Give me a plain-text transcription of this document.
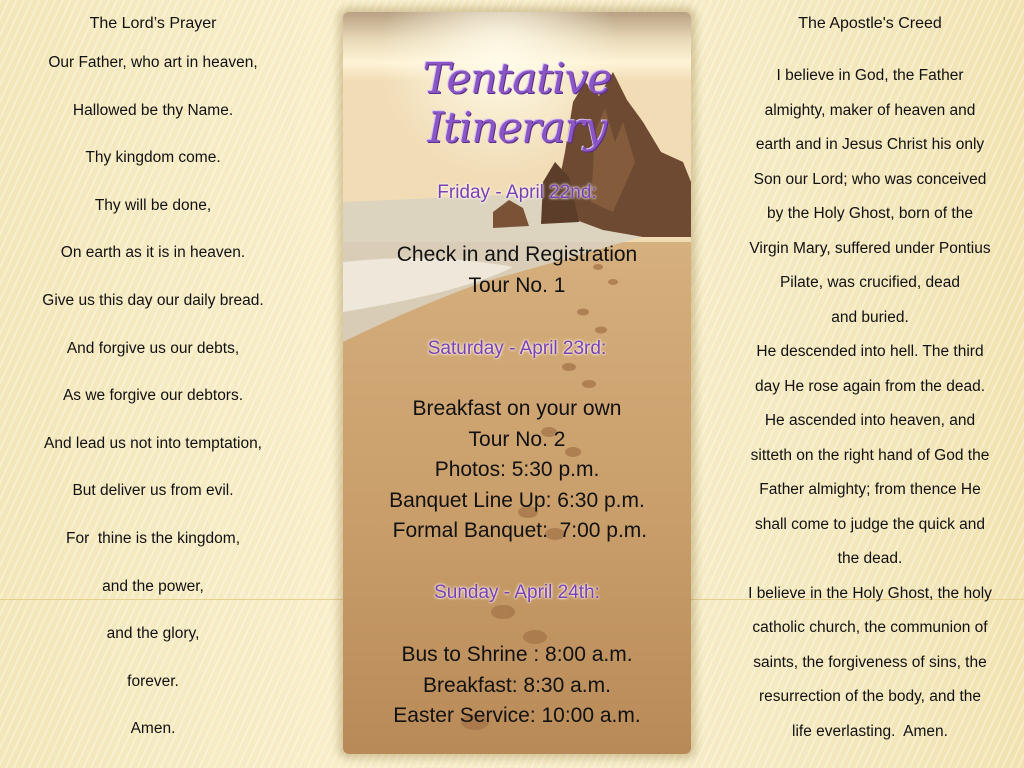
The Lord’s Prayer
Our Father, who art in heaven,
Hallowed be thy Name.
Thy kingdom come.
Thy will be done,
On earth as it is in heaven.
Give us this day our daily bread.
And forgive us our debts,
As we forgive our debtors.
And lead us not into temptation,
But deliver us from evil.
For  thine is the kingdom,
and the power,
and the glory,
forever.
Amen.
Tentative Itinerary
Friday - April 22nd:
Check in and Registration
Tour No. 1
Saturday - April 23rd:
Breakfast on your own
Tour No. 2
Photos: 5:30 p.m.
Banquet Line Up: 6:30 p.m.
Formal Banquet:  7:00 p.m.
Sunday - April 24th:
Bus to Shrine : 8:00 a.m.
Breakfast: 8:30 a.m.
Easter Service: 10:00 a.m.
The Apostle's Creed
I believe in God, the Father
almighty, maker of heaven and
earth and in Jesus Christ his only
Son our Lord; who was conceived
by the Holy Ghost, born of the
Virgin Mary, suffered under Pontius
Pilate, was crucified, dead
and buried.
He descended into hell. The third
day He rose again from the dead.
He ascended into heaven, and
sitteth on the right hand of God the
Father almighty; from thence He
shall come to judge the quick and
the dead.
I believe in the Holy Ghost, the holy
catholic church, the communion of
saints, the forgiveness of sins, the
resurrection of the body, and the
life everlasting.  Amen.
